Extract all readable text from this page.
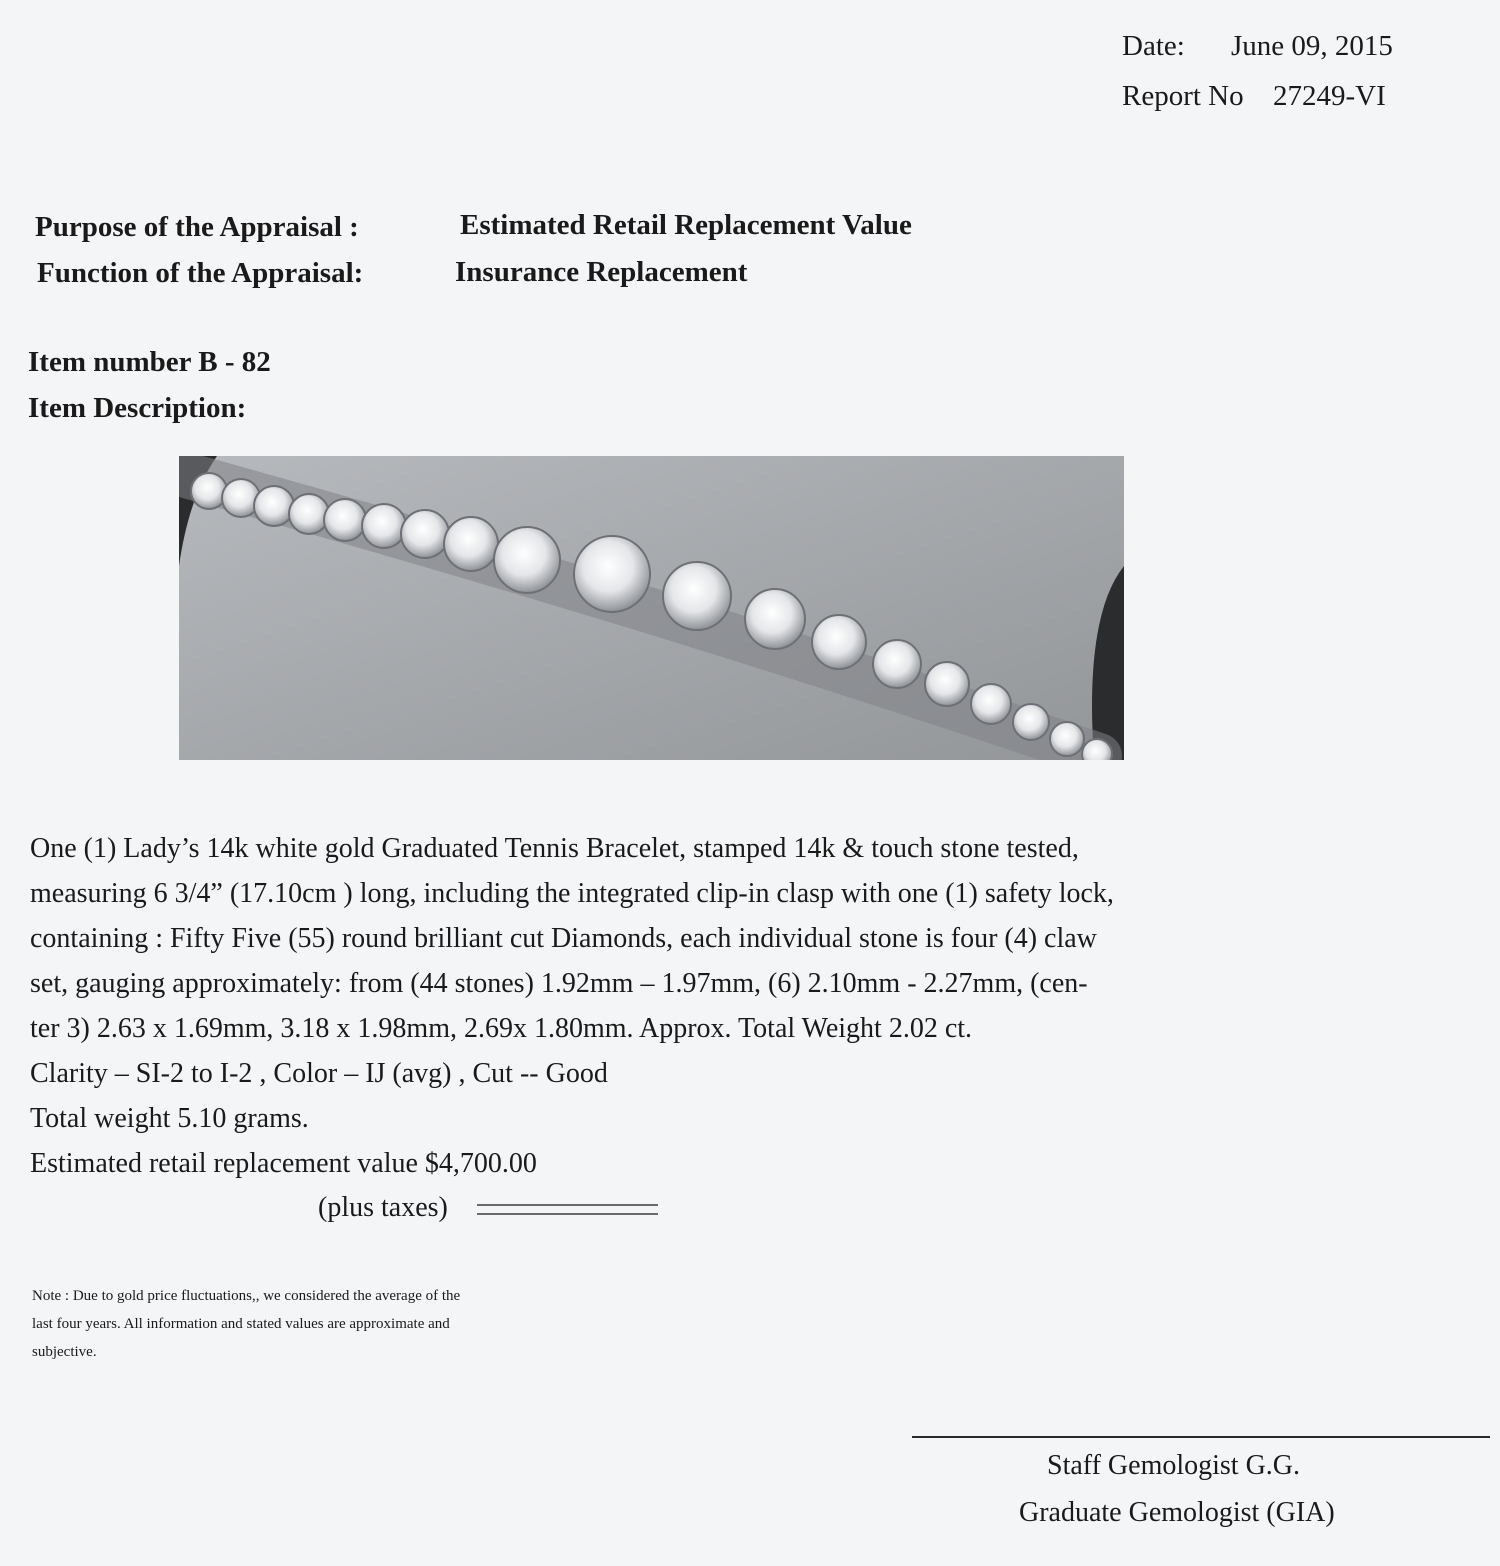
Date: June 09, 2015
Report No 27249-VI
Purpose of the Appraisal :	Estimated Retail Replacement Value
Function of the Appraisal:	Insurance Replacement
Item number B - 82
Item Description:
One (1) Lady’s 14k white gold Graduated Tennis Bracelet, stamped 14k & touch stone tested,
measuring 6 3/4” (17.10cm ) long, including the integrated clip-in clasp with one (1) safety lock,
containing : Fifty Five (55) round brilliant cut Diamonds, each individual stone is four (4) claw
set, gauging approximately: from (44 stones) 1.92mm – 1.97mm, (6) 2.10mm - 2.27mm, (cen-
ter 3) 2.63 x 1.69mm, 3.18 x 1.98mm, 2.69x 1.80mm. Approx. Total Weight 2.02 ct.
Clarity – SI-2 to I-2 , Color – IJ (avg) , Cut -- Good
Total weight 5.10 grams.
Estimated retail replacement value $4,700.00
(plus taxes)
Note : Due to gold price fluctuations,, we considered the average of the
last four years. All information and stated values are approximate and
subjective.
Staff Gemologist G.G.
Graduate Gemologist (GIA)
